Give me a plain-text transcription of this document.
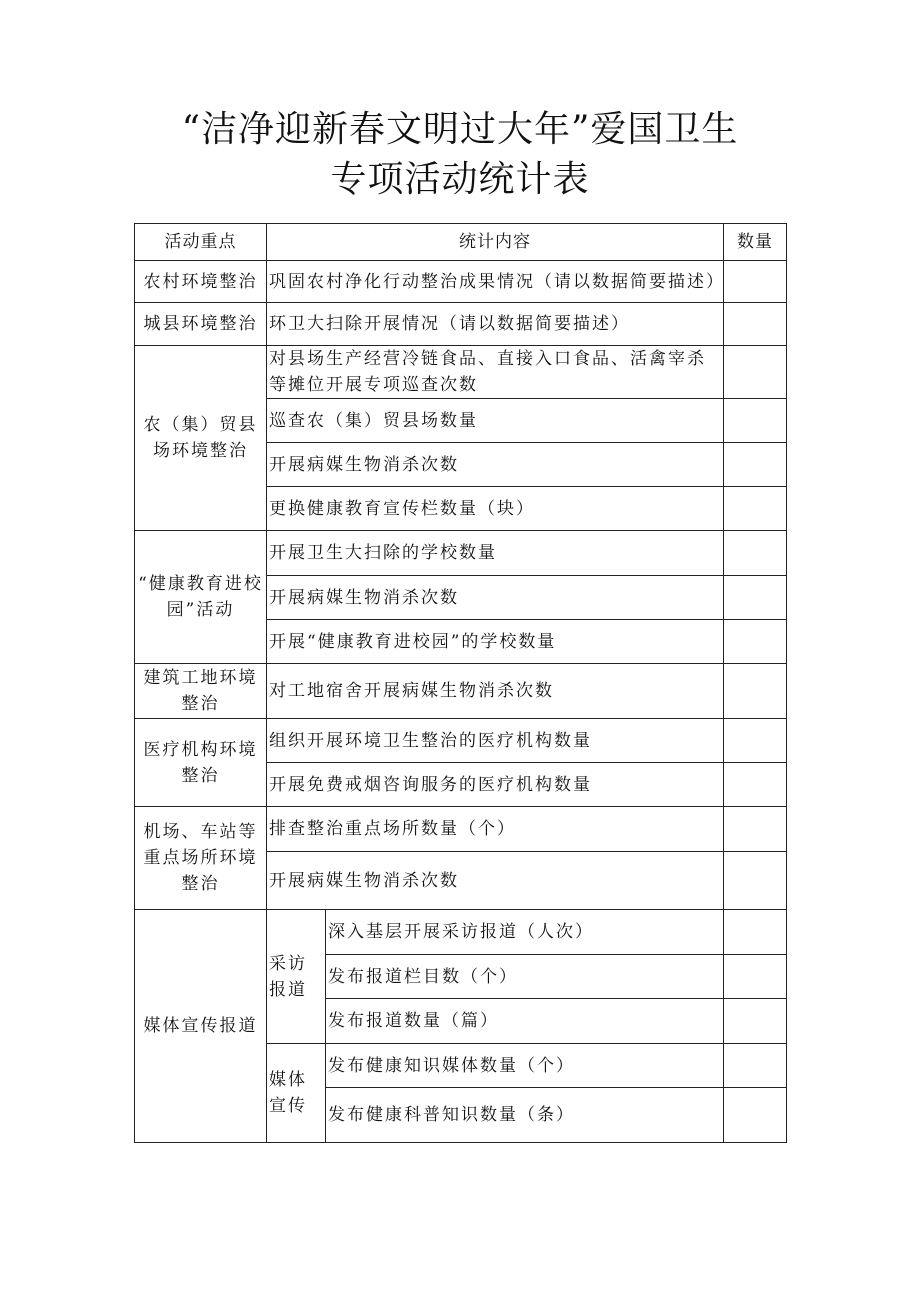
“洁净迎新春文明过大年”爱国卫生
专项活动统计表
活动重点	统计内容		数量
农村环境整治	巩固农村净化行动整治成果情况（请以数据简要描述）		
城县环境整治	环卫大扫除开展情况（请以数据简要描述）		
农（集）贸县场环境整治	对县场生产经营冷链食品、直接入口食品、活禽宰杀等摊位开展专项巡查次数		
	巡查农（集）贸县场数量		
	开展病媒生物消杀次数		
	更换健康教育宣传栏数量（块）		
“健康教育进校园”活动	开展卫生大扫除的学校数量		
	开展病媒生物消杀次数		
	开展“健康教育进校园”的学校数量		
建筑工地环境整治	对工地宿舍开展病媒生物消杀次数		
医疗机构环境整治	组织开展环境卫生整治的医疗机构数量		
	开展免费戒烟咨询服务的医疗机构数量		
机场、车站等重点场所环境整治	排查整治重点场所数量（个）		
	开展病媒生物消杀次数		
媒体宣传报道	采访报道	深入基层开展采访报道（人次）	
		发布报道栏目数（个）	
		发布报道数量（篇）	
	媒体宣传	发布健康知识媒体数量（个）	
		发布健康科普知识数量（条）	
